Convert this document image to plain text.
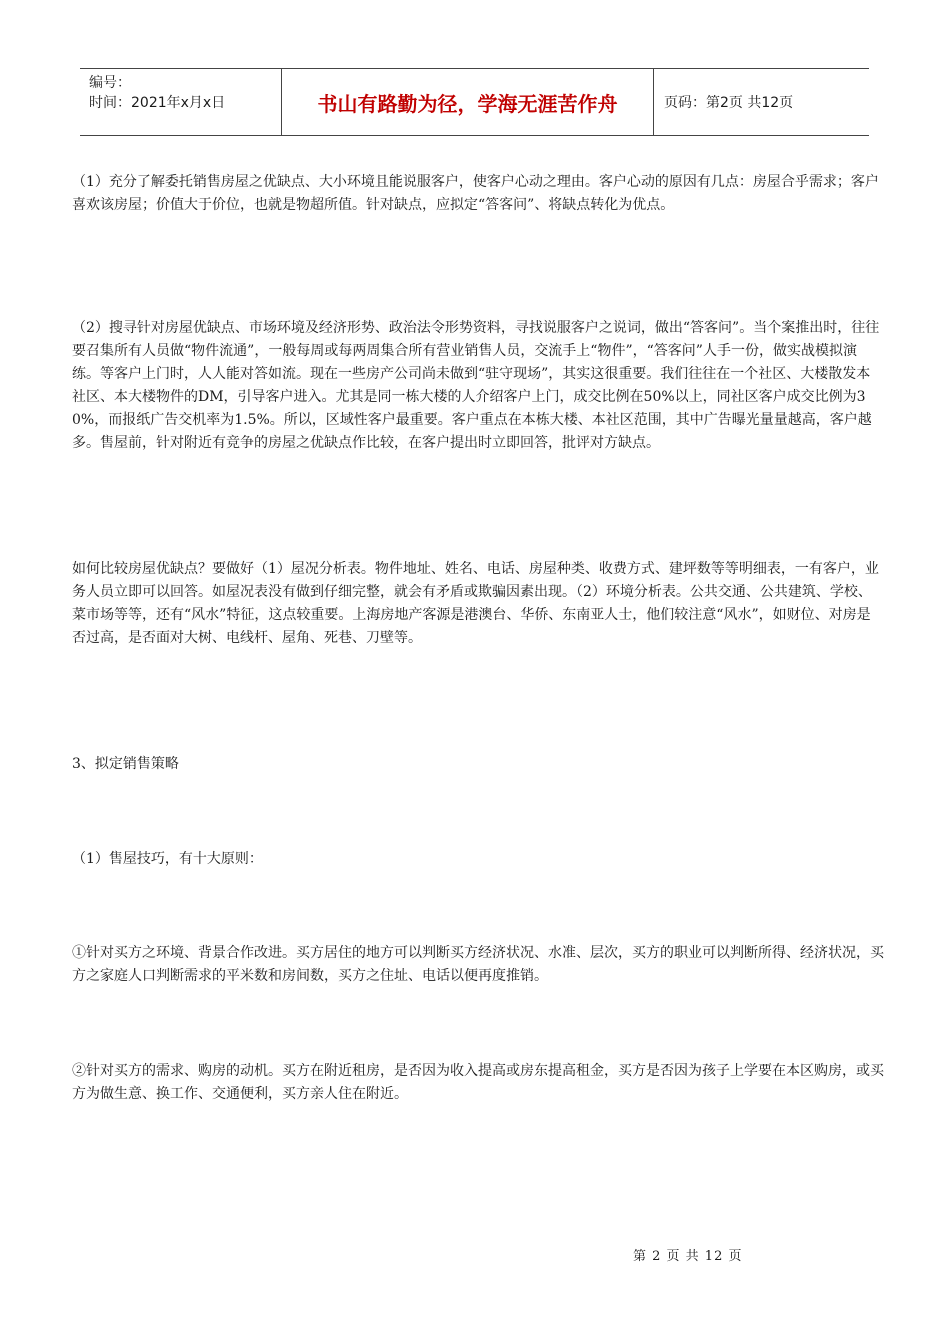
编号：
时间：2021年x月x日	书山有路勤为径，学海无涯苦作舟	页码：第2页 共12页

（1）充分了解委托销售房屋之优缺点、大小环境且能说服客户，使客户心动之理由。客户心动的原因有几点：房屋合乎需求；客户喜欢该房屋；价值大于价位，也就是物超所值。针对缺点，应拟定“答客问”、将缺点转化为优点。

（2）搜寻针对房屋优缺点、市场环境及经济形势、政治法令形势资料，寻找说服客户之说词，做出“答客问”。当个案推出时，往往要召集所有人员做“物件流通”，一般每周或每两周集合所有营业销售人员，交流手上“物件”，“答客问”人手一份，做实战模拟演练。等客户上门时，人人能对答如流。现在一些房产公司尚未做到“驻守现场”，其实这很重要。我们往往在一个社区、大楼散发本社区、本大楼物件的DM，引导客户进入。尤其是同一栋大楼的人介绍客户上门，成交比例在50%以上，同社区客户成交比例为30%，而报纸广告交机率为1.5%。所以，区域性客户最重要。客户重点在本栋大楼、本社区范围，其中广告曝光量量越高，客户越多。售屋前，针对附近有竞争的房屋之优缺点作比较，在客户提出时立即回答，批评对方缺点。

如何比较房屋优缺点？要做好（1）屋况分析表。物件地址、姓名、电话、房屋种类、收费方式、建坪数等等明细表，一有客户，业务人员立即可以回答。如屋况表没有做到仔细完整，就会有矛盾或欺骗因素出现。（2）环境分析表。公共交通、公共建筑、学校、菜市场等等，还有“风水”特征，这点较重要。上海房地产客源是港澳台、华侨、东南亚人士，他们较注意“风水”，如财位、对房是否过高，是否面对大树、电线杆、屋角、死巷、刀壁等。

3、拟定销售策略

（1）售屋技巧，有十大原则：

①针对买方之环境、背景合作改进。买方居住的地方可以判断买方经济状况、水准、层次，买方的职业可以判断所得、经济状况，买方之家庭人口判断需求的平米数和房间数，买方之住址、电话以便再度推销。

②针对买方的需求、购房的动机。买方在附近租房，是否因为收入提高或房东提高租金，买方是否因为孩子上学要在本区购房，或买方为做生意、换工作、交通便利，买方亲人住在附近。

第 2 页 共 12 页
